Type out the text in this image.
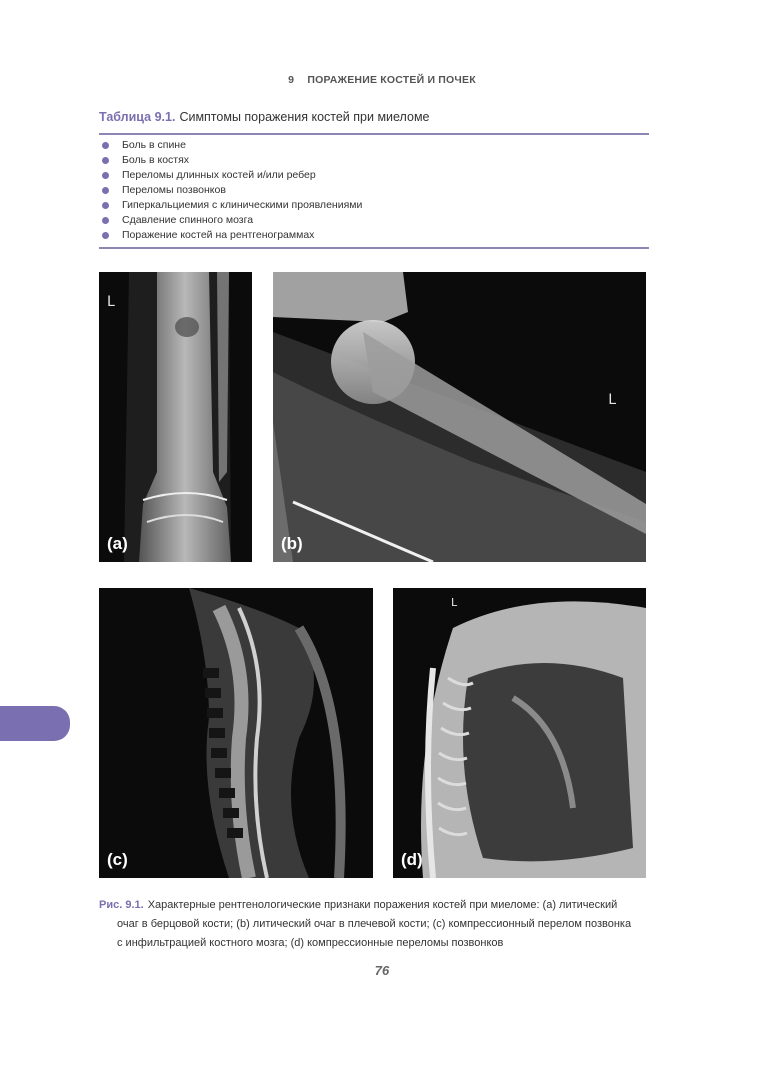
9 ПОРАЖЕНИЕ КОСТЕЙ И ПОЧЕК
Таблица 9.1. Симптомы поражения костей при миеломе
Боль в спине
Боль в костях
Переломы длинных костей и/или ребер
Переломы позвонков
Гиперкальциемия с клиническими проявлениями
Сдавление спинного мозга
Поражение костей на рентгенограммах
L
(a)
L
(b)
(c)
L
(d)
Рис. 9.1. Характерные рентгенологические признаки поражения костей при миеломе: (a) литический
очаг в берцовой кости; (b) литический очаг в плечевой кости; (c) компрессионный перелом позвонка
с инфильтрацией костного мозга; (d) компрессионные переломы позвонков
76
